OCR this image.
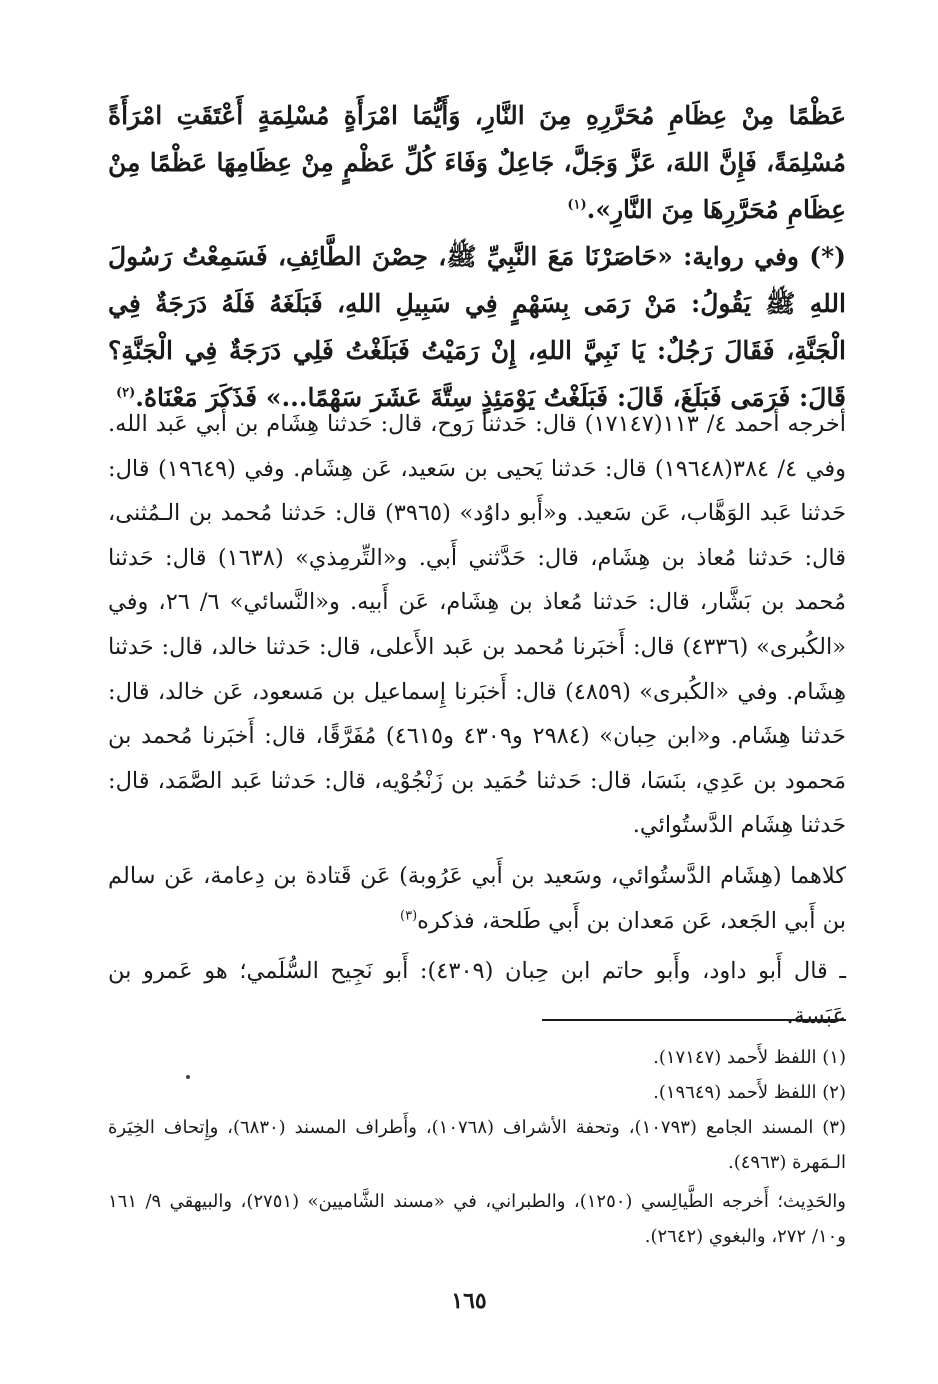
عَظْمًا مِنْ عِظَامِ مُحَرَّرِهِ مِنَ النَّارِ، وَأَيُّمَا امْرَأَةٍ مُسْلِمَةٍ أَعْتَقَتِ امْرَأَةً مُسْلِمَةً، فَإِنَّ اللهَ، عَزَّ وَجَلَّ، جَاعِلٌ وَفَاءَ كُلِّ عَظْمٍ مِنْ عِظَامِهَا عَظْمًا مِنْ عِظَامِ مُحَرَّرِهَا مِنَ النَّارِ».$^{(١)}$

(*) وفي رواية: «حَاصَرْنَا مَعَ النَّبِيِّ ﷺ، حِصْنَ الطَّائِفِ، فَسَمِعْتُ رَسُولَ اللهِ ﷺ يَقُولُ: مَنْ رَمَى بِسَهْمٍ فِي سَبِيلِ اللهِ، فَبَلَغَهُ فَلَهُ دَرَجَةٌ فِي الْجَنَّةِ، فَقَالَ رَجُلٌ: يَا نَبِيَّ اللهِ، إِنْ رَمَيْتُ فَبَلَغْتُ فَلِي دَرَجَةٌ فِي الْجَنَّةِ؟ قَالَ: فَرَمَى فَبَلَغَ، قَالَ: فَبَلَغْتُ يَوْمَئِذٍ سِتَّةَ عَشَرَ سَهْمًا...» فَذَكَرَ مَعْنَاهُ.$^{(٢)}$

أخرجه أحمد ٤/ ١١٣(١٧١٤٧) قال: حَدثنا رَوح، قال: حَدثنا هِشَام بن أَبي عَبد الله. وفي ٤/ ٣٨٤(١٩٦٤٨) قال: حَدثنا يَحيى بن سَعيد، عَن هِشَام. وفي (١٩٦٤٩) قال: حَدثنا عَبد الوَهَّاب، عَن سَعيد. و«أَبو داوُد» (٣٩٦٥) قال: حَدثنا مُحمد بن الـمُثنى، قال: حَدثنا مُعاذ بن هِشَام، قال: حَدَّثني أَبي. و«التِّرمِذي» (١٦٣٨) قال: حَدثنا مُحمد بن بَشَّار، قال: حَدثنا مُعاذ بن هِشَام، عَن أَبيه. و«النَّسائي» ٦/ ٢٦، وفي «الكُبرى» (٤٣٣٦) قال: أَخبَرنا مُحمد بن عَبد الأَعلى، قال: حَدثنا خالد، قال: حَدثنا هِشَام. وفي «الكُبرى» (٤٨٥٩) قال: أَخبَرنا إِسماعيل بن مَسعود، عَن خالد، قال: حَدثنا هِشَام. و«ابن حِبان» (٢٩٨٤ و٤٣٠٩ و٤٦١٥) مُفَرَّقًا، قال: أَخبَرنا مُحمد بن مَحمود بن عَدِي، بنَسَا، قال: حَدثنا حُمَيد بن زَنْجُوْيه، قال: حَدثنا عَبد الصَّمَد، قال: حَدثنا هِشَام الدَّستُوائي.

كلاهما (هِشَام الدَّستُوائي، وسَعيد بن أَبي عَرُوبة) عَن قَتادة بن دِعامة، عَن سالم بن أَبي الجَعد، عَن مَعدان بن أَبي طَلحة، فذكره$^{(٣)}$

ـ قال أَبو داود، وأَبو حاتم ابن حِبان (٤٣٠٩): أَبو نَجِيح السُّلَمي؛ هو عَمرو بن عَبَسة.

(١) اللفظ لأَحمد (١٧١٤٧).

(٢) اللفظ لأَحمد (١٩٦٤٩).

(٣) المسند الجامع (١٠٧٩٣)، وتحفة الأشراف (١٠٧٦٨)، وأَطراف المسند (٦٨٣٠)، وإِتحاف الخِيَرة الـمَهرة (٤٩٦٣).

والحَدِيث؛ أَخرجه الطَّيالِسي (١٢٥٠)، والطبراني، في «مسند الشَّاميين» (٢٧٥١)، والبيهقي ٩/ ١٦١ و١٠/ ٢٧٢، والبغوي (٢٦٤٢).

١٦٥
